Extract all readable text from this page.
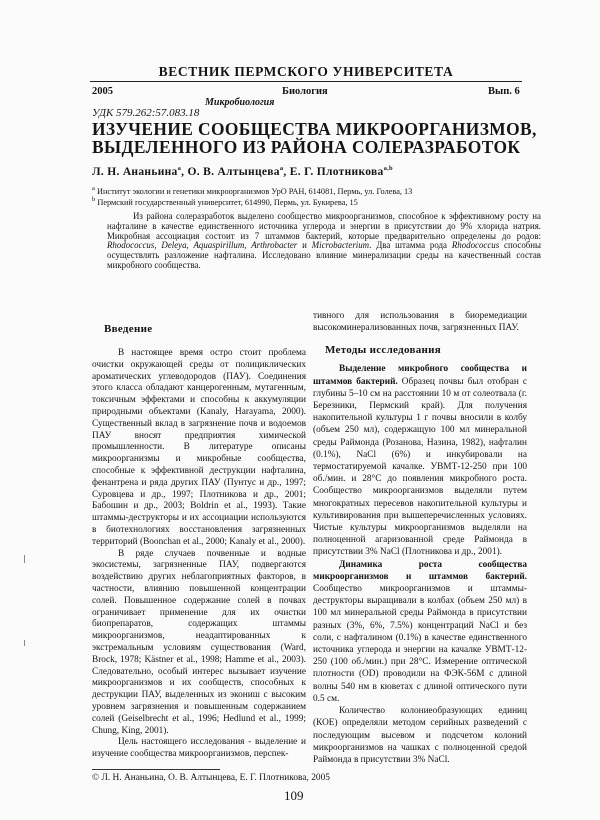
ВЕСТНИК ПЕРМСКОГО УНИВЕРСИТЕТА
2005	Биология	Вып. 6
Микробиология
УДК 579.262:57.083.18
ИЗУЧЕНИЕ СООБЩЕСТВА МИКРООРГАНИЗМОВ,
ВЫДЕЛЕННОГО ИЗ РАЙОНА СОЛЕРАЗРАБОТОК
Л. Н. Ананьина$^a$, О. В. Алтынцева$^a$, Е. Г. Плотникова$^{a,b}$
$^a$ Институт экологии и генетики микроорганизмов УрО РАН, 614081, Пермь, ул. Голева, 13
$^b$ Пермский государственный университет, 614990, Пермь, ул. Букирева, 15
Из района солеразработок выделено сообщество микроорганизмов, способное к эффективному росту на нафталине в качестве единственного источника углерода и энергии в присутствии до 9% хлорида натрия. Микробная ассоциация состоит из 7 штаммов бактерий, которые предварительно определены до родов: Rhodococcus, Deleya, Aquaspirillum, Arthrobacter и Microbacterium. Два штамма рода Rhodococcus способны осуществлять разложение нафталина. Исследовано влияние минерализации среды на качественный состав микробного сообщества.
Введение

В настоящее время остро стоит проблема очистки окружающей среды от полициклических ароматических углеводородов (ПАУ). Соединения этого класса обладают канцерогенным, мутагенным, токсичным эффектами и способны к аккумуляции природными объектами (Kanaly, Harayama, 2000). Существенный вклад в загрязнение почв и водоемов ПАУ вносят предприятия химической промышленности. В литературе описаны микроорганизмы и микробные сообщества, способные к эффективной деструкции нафталина, фенантрена и ряда других ПАУ (Пунтус и др., 1997; Суровцева и др., 1997; Плотникова и др., 2001; Бабошин и др., 2003; Boldrin et al., 1993). Такие штаммы-деструкторы и их ассоциации используются в биотехнологиях восстановления загрязненных территорий (Boonchan et al., 2000; Kanaly et al., 2000).

В ряде случаев почвенные и водные экосистемы, загрязненные ПАУ, подвергаются воздействию других неблагоприятных факторов, в частности, влиянию повышенной концентрации солей. Повышенное содержание солей в почвах ограничивает применение для их очистки биопрепаратов, содержащих штаммы микроорганизмов, неадаптированных к экстремальным условиям существования (Ward, Brock, 1978; Kästner et al., 1998; Hamme et al., 2003). Следовательно, особый интерес вызывает изучение микроорганизмов и их сообществ, способных к деструкции ПАУ, выделенных из экониш с высоким уровнем загрязнения и повышенным содержанием солей (Geiselbrecht et al., 1996; Hedlund et al., 1999; Chung, King, 2001).

Цель настоящего исследования - выделение и изучение сообщества микроорганизмов, перспек-

тивного для использования в биоремедиации высокоминерализованных почв, загрязненных ПАУ.

Методы исследования

Выделение микробного сообщества и штаммов бактерий. Образец почвы был отобран с глубины 5–10 см на расстоянии 10 м от солеотвала (г. Березники, Пермский край). Для получения накопительной культуры 1 г почвы вносили в колбу (объем 250 мл), содержащую 100 мл минеральной среды Раймонда (Розанова, Назина, 1982), нафталин (0.1%), NaCl (6%) и инкубировали на термостатируемой качалке. УВМТ-12-250 при 100 об./мин. и 28°С до появления микробного роста. Сообщество микроорганизмов выделяли путем многократных пересевов накопительной культуры и культивирования при вышеперечисленных условиях. Чистые культуры микроорганизмов выделяли на полноценной агаризованной среде Раймонда в присутствии 3% NaCl (Плотникова и др., 2001).

Динамика роста сообщества микроорганизмов и штаммов бактерий. Сообщество микроорганизмов и штаммы-деструкторы выращивали в колбах (объем 250 мл) в 100 мл минеральной среды Раймонда в присутствии разных (3%, 6%, 7.5%) концентраций NaCl и без соли, с нафталином (0.1%) в качестве единственного источника углерода и энергии на качалке УВМТ-12-250 (100 об./мин.) при 28°С. Измерение оптической плотности (OD) проводили на ФЭК-56М с длиной волны 540 нм в кюветах с длиной оптического пути 0.5 см.

Количество колониеобразующих единиц (КОЕ) определяли методом серийных разведений с последующим высевом и подсчетом колоний микроорганизмов на чашках с полноценной средой Раймонда в присутствии 3% NaCl.

© Л. Н. Ананьина, О. В. Алтынцева, Е. Г. Плотникова, 2005
109
